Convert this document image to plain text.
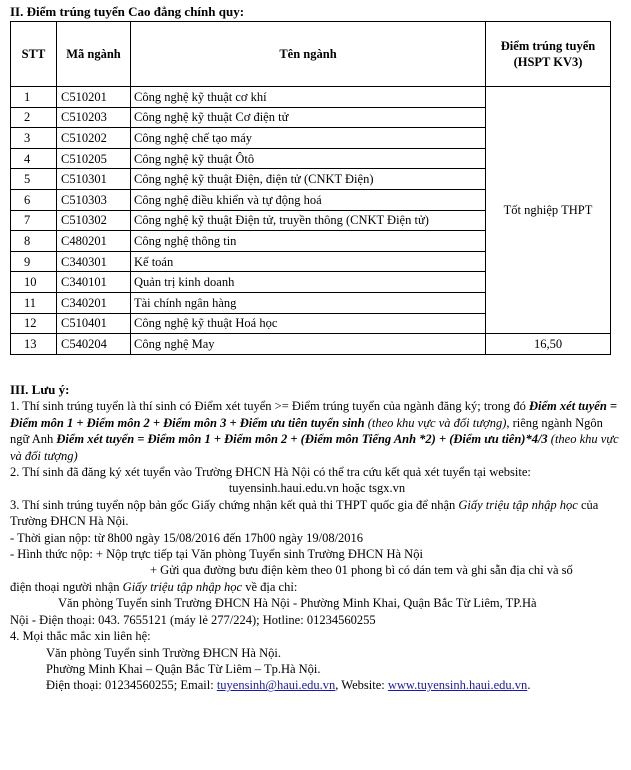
II. Điểm trúng tuyển Cao đẳng chính quy:
STT	Mã ngành	Tên ngành	Điểm trúng tuyển (HSPT KV3)
1	C510201	Công nghệ kỹ thuật cơ khí	Tốt nghiệp THPT
2	C510203	Công nghệ kỹ thuật Cơ điện tử	
3	C510202	Công nghệ chế tạo máy	
4	C510205	Công nghệ kỹ thuật Ôtô	
5	C510301	Công nghệ kỹ thuật Điện, điện tử (CNKT Điện)	
6	C510303	Công nghệ điều khiển và tự động hoá	
7	C510302	Công nghệ kỹ thuật Điện tử, truyền thông (CNKT Điện tử)	
8	C480201	Công nghệ thông tin	
9	C340301	Kế toán	
10	C340101	Quản trị kinh doanh	
11	C340201	Tài chính ngân hàng	
12	C510401	Công nghệ kỹ thuật Hoá học	
13	C540204	Công nghệ May	16,50

III. Lưu ý:

1. Thí sinh trúng tuyển là thí sinh có Điểm xét tuyển >= Điểm trúng tuyển của ngành đăng ký; trong đó Điểm xét tuyển = Điểm môn 1 + Điểm môn 2 + Điểm môn 3 + Điểm ưu tiên tuyển sinh (theo khu vực và đối tượng), riêng ngành Ngôn ngữ Anh Điểm xét tuyển = Điểm môn 1 + Điểm môn 2 + (Điểm môn Tiếng Anh *2) + (Điểm ưu tiên)*4/3 (theo khu vực và đối tượng)

2. Thí sinh đã đăng ký xét tuyển vào Trường ĐHCN Hà Nội có thể tra cứu kết quả xét tuyển tại website:

tuyensinh.haui.edu.vn hoặc tsgx.vn

3. Thí sinh trúng tuyển nộp bản gốc Giấy chứng nhận kết quả thi THPT quốc gia để nhận Giấy triệu tập nhập học của Trường ĐHCN Hà Nội.

- Thời gian nộp: từ 8h00 ngày 15/08/2016 đến 17h00 ngày 19/08/2016

- Hình thức nộp: + Nộp trực tiếp tại Văn phòng Tuyển sinh Trường ĐHCN Hà Nội

+ Gửi qua đường bưu điện kèm theo 01 phong bì có dán tem và ghi sẵn địa chỉ và số

điện thoại người nhận Giấy triệu tập nhập học về địa chỉ:

Văn phòng Tuyển sinh Trường ĐHCN Hà Nội - Phường Minh Khai, Quận Bắc Từ Liêm, TP.Hà

Nội - Điện thoại: 043. 7655121 (máy lẻ 277/224); Hotline: 01234560255

4. Mọi thắc mắc xin liên hệ:

Văn phòng Tuyển sinh Trường ĐHCN Hà Nội.

Phường Minh Khai – Quận Bắc Từ Liêm – Tp.Hà Nội.

Điện thoại: 01234560255; Email: tuyensinh@haui.edu.vn, Website: www.tuyensinh.haui.edu.vn.
